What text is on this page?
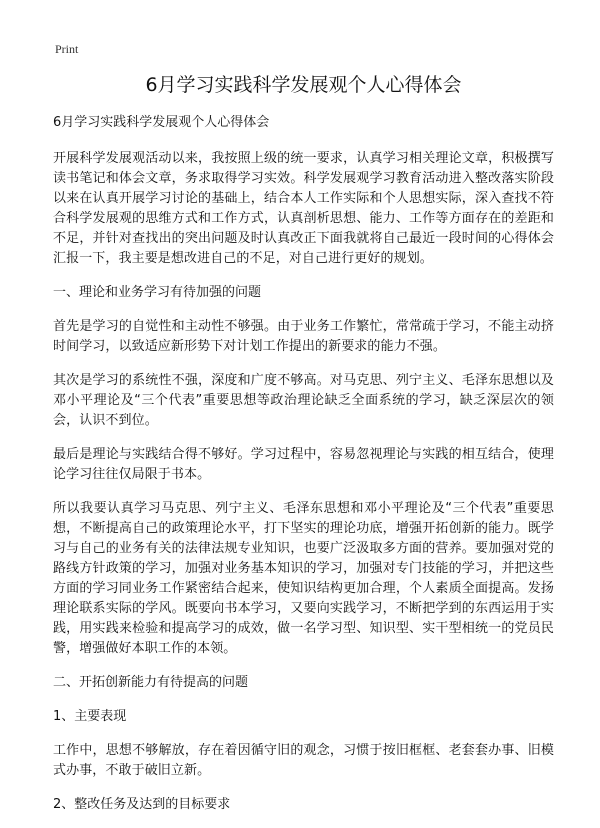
Print
6月学习实践科学发展观个人心得体会

6月学习实践科学发展观个人心得体会

开展科学发展观活动以来，我按照上级的统一要求，认真学习相关理论文章，积极撰写读书笔记和体会文章，务求取得学习实效。科学发展观学习教育活动进入整改落实阶段以来在认真开展学习讨论的基础上，结合本人工作实际和个人思想实际，深入查找不符合科学发展观的思维方式和工作方式，认真剖析思想、能力、工作等方面存在的差距和不足，并针对查找出的突出问题及时认真改正下面我就将自己最近一段时间的心得体会汇报一下，我主要是想改进自己的不足，对自己进行更好的规划。

一、理论和业务学习有待加强的问题

首先是学习的自觉性和主动性不够强。由于业务工作繁忙，常常疏于学习，不能主动挤时间学习，以致适应新形势下对计划工作提出的新要求的能力不强。

其次是学习的系统性不强，深度和广度不够高。对马克思、列宁主义、毛泽东思想以及邓小平理论及“三个代表”重要思想等政治理论缺乏全面系统的学习，缺乏深层次的领会，认识不到位。

最后是理论与实践结合得不够好。学习过程中，容易忽视理论与实践的相互结合，使理论学习往往仅局限于书本。

所以我要认真学习马克思、列宁主义、毛泽东思想和邓小平理论及“三个代表”重要思想，不断提高自己的政策理论水平，打下坚实的理论功底，增强开拓创新的能力。既学习与自己的业务有关的法律法规专业知识，也要广泛汲取多方面的营养。要加强对党的路线方针政策的学习，加强对业务基本知识的学习，加强对专门技能的学习，并把这些方面的学习同业务工作紧密结合起来，使知识结构更加合理，个人素质全面提高。发扬理论联系实际的学风。既要向书本学习，又要向实践学习，不断把学到的东西运用于实践，用实践来检验和提高学习的成效，做一名学习型、知识型、实干型相统一的党员民警，增强做好本职工作的本领。

二、开拓创新能力有待提高的问题

1、主要表现

工作中，思想不够解放，存在着因循守旧的观念，习惯于按旧框框、老套套办事、旧模式办事，不敢于破旧立新。

2、整改任务及达到的目标要求
